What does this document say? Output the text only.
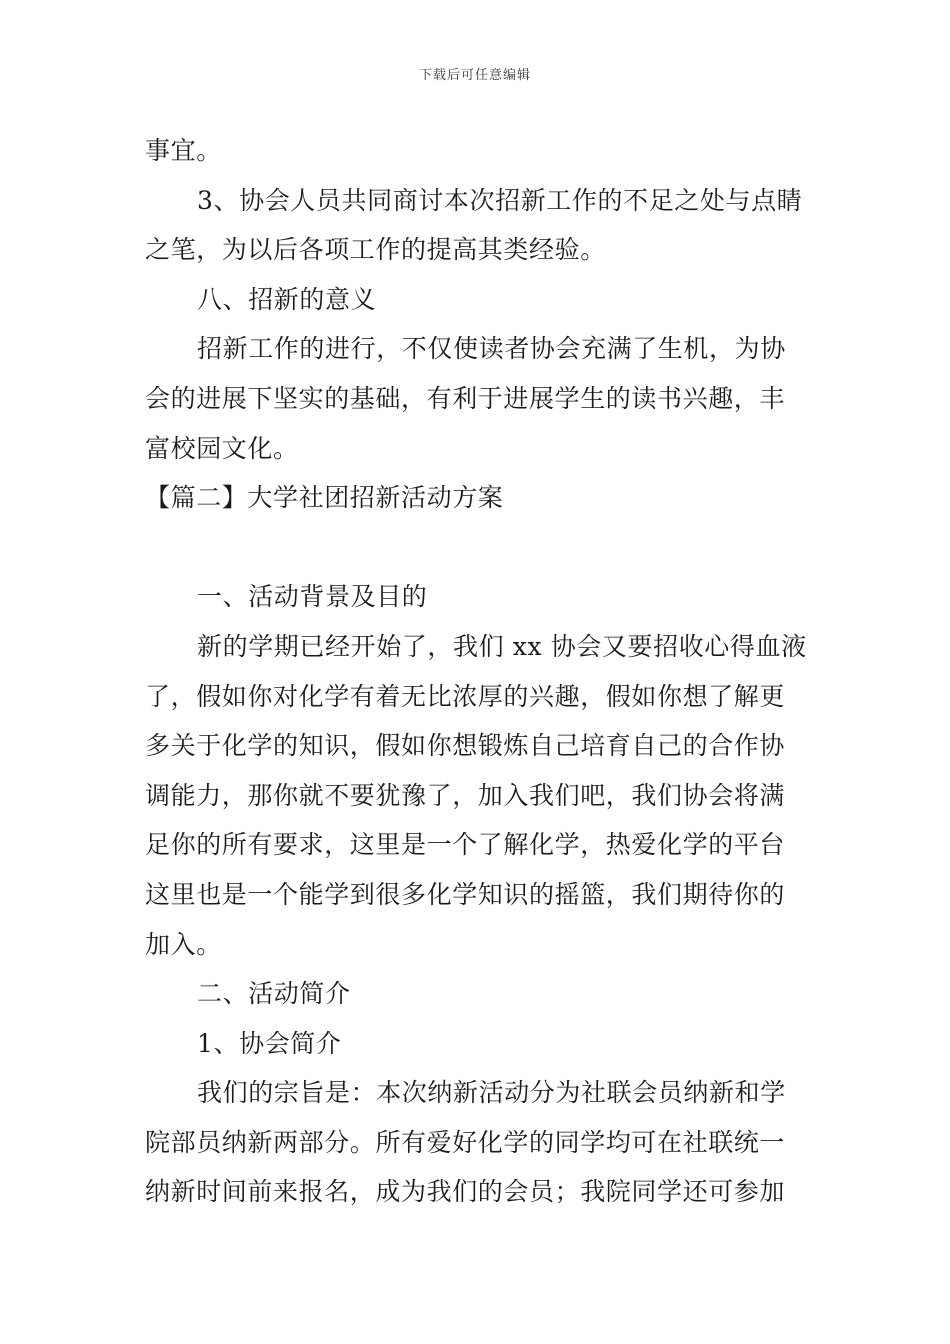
下载后可任意编辑
事宜。
3、协会人员共同商讨本次招新工作的不足之处与点睛
之笔，为以后各项工作的提高其类经验。
八、招新的意义
招新工作的进行，不仅使读者协会充满了生机，为协
会的进展下坚实的基础，有利于进展学生的读书兴趣，丰
富校园文化。
【篇二】大学社团招新活动方案
一、活动背景及目的
新的学期已经开始了，我们 xx 协会又要招收心得血液
了，假如你对化学有着无比浓厚的兴趣，假如你想了解更
多关于化学的知识，假如你想锻炼自己培育自己的合作协
调能力，那你就不要犹豫了，加入我们吧，我们协会将满
足你的所有要求，这里是一个了解化学，热爱化学的平台
这里也是一个能学到很多化学知识的摇篮，我们期待你的
加入。
二、活动简介
1、协会简介
我们的宗旨是：本次纳新活动分为社联会员纳新和学
院部员纳新两部分。所有爱好化学的同学均可在社联统一
纳新时间前来报名，成为我们的会员；我院同学还可参加
